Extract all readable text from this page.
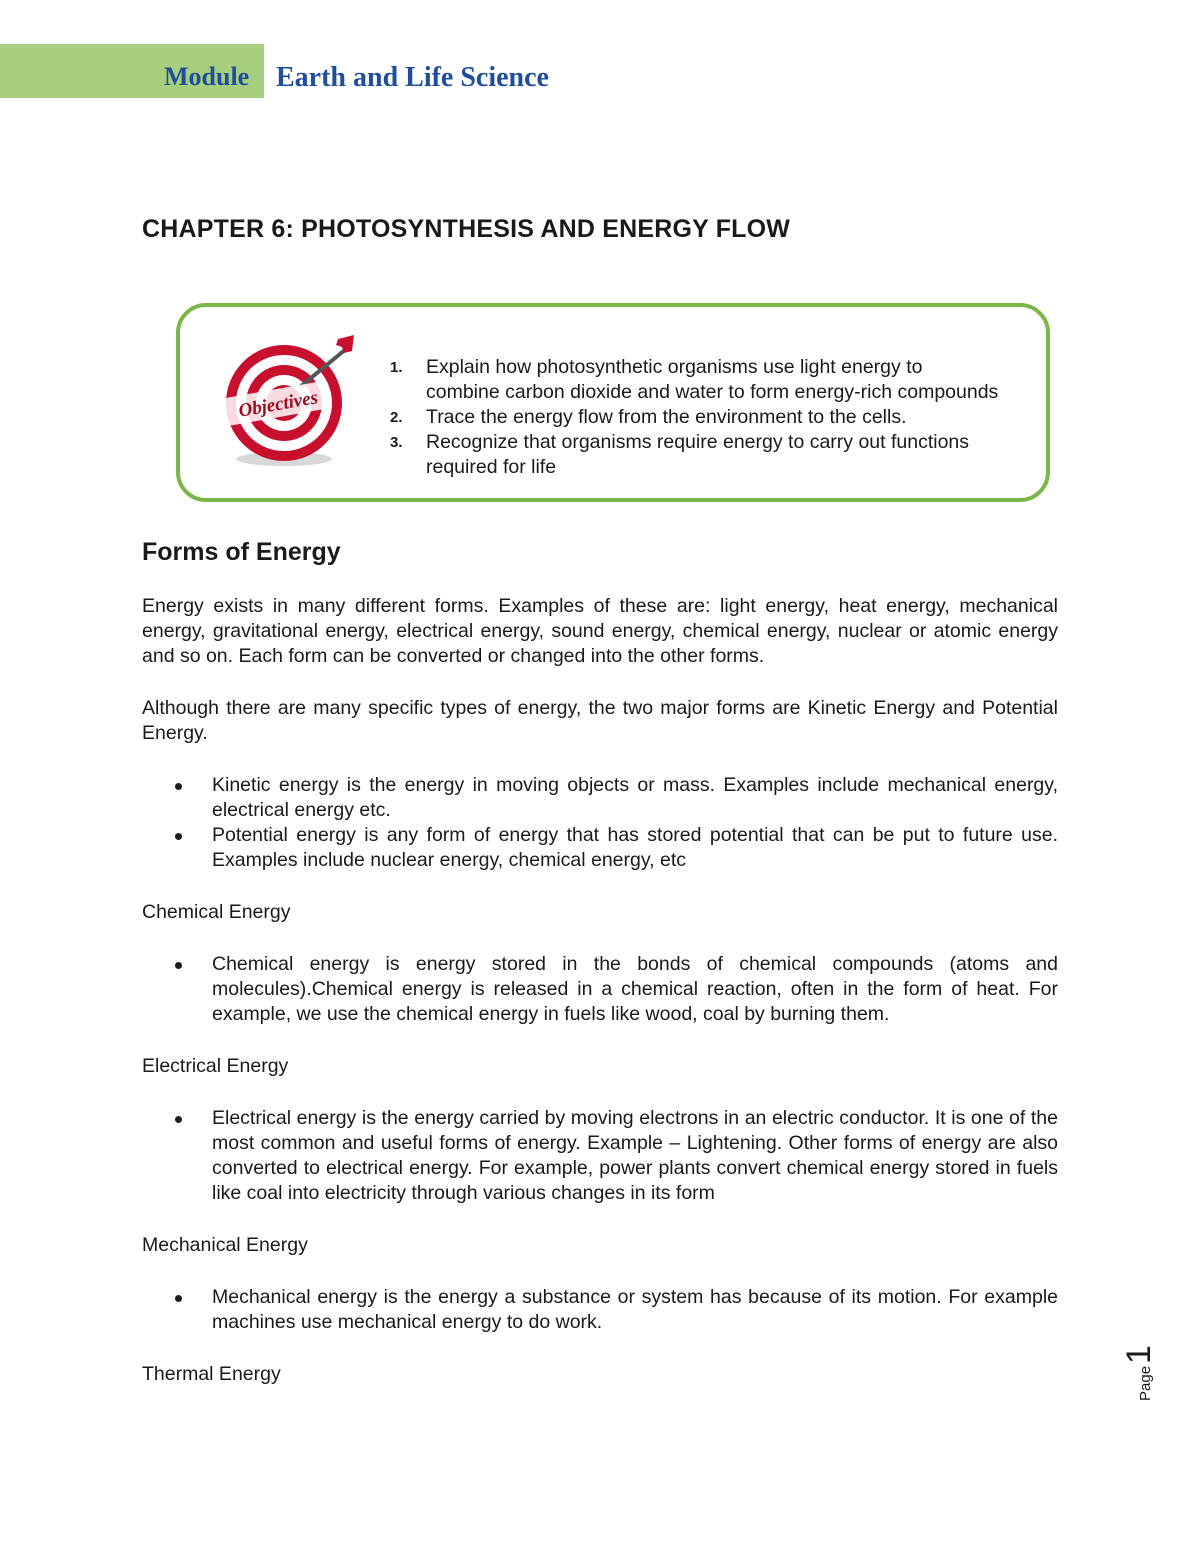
Module Earth and Life Science
CHAPTER 6: PHOTOSYNTHESIS AND ENERGY FLOW
Objectives
1. Explain how photosynthetic organisms use light energy to
combine carbon dioxide and water to form energy-rich compounds
2. Trace the energy flow from the environment to the cells.
3. Recognize that organisms require energy to carry out functions
required for life
Forms of Energy

Energy exists in many different forms. Examples of these are: light energy, heat energy, mechanical energy, gravitational energy, electrical energy, sound energy, chemical energy, nuclear or atomic energy and so on. Each form can be converted or changed into the other forms.

Although there are many specific types of energy, the two major forms are Kinetic Energy and Potential Energy.

Kinetic energy is the energy in moving objects or mass. Examples include mechanical energy, electrical energy etc.
Potential energy is any form of energy that has stored potential that can be put to future use. Examples include nuclear energy, chemical energy, etc

Chemical Energy

Chemical energy is energy stored in the bonds of chemical compounds (atoms and molecules).Chemical energy is released in a chemical reaction, often in the form of heat. For example, we use the chemical energy in fuels like wood, coal by burning them.

Electrical Energy

Electrical energy is the energy carried by moving electrons in an electric conductor. It is one of the most common and useful forms of energy. Example – Lightening. Other forms of energy are also converted to electrical energy. For example, power plants convert chemical energy stored in fuels like coal into electricity through various changes in its form

Mechanical Energy

Mechanical energy is the energy a substance or system has because of its motion. For example machines use mechanical energy to do work.

Thermal Energy	Page
1
